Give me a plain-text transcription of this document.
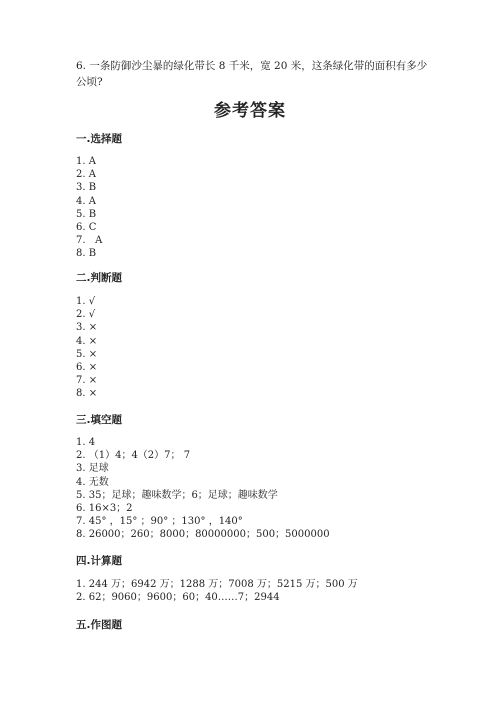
6. 一条防御沙尘暴的绿化带长 8 千米，宽 20 米，这条绿化带的面积有多少公顷?
参考答案
一.选择题
1. A
2. A
3. B
4. A
5. B
6. C
7.   A
8. B
二.判断题
1. √
2. √
3. ×
4. ×
5. ×
6. ×
7. ×
8. ×
三.填空题
1. 4
2. （1）4；4（2）7； 7
3. 足球
4. 无数
5. 35；足球；趣味数学；6；足球；趣味数学
6. 16×3；2
7. 45° ，15° ；90° ；130° ，140°
8. 26000；260；8000；80000000；500；5000000
四.计算题
1. 244 万；6942 万；1288 万；7008 万；5215 万；500 万
2. 62；9060；9600；60；40……7；2944
五.作图题
